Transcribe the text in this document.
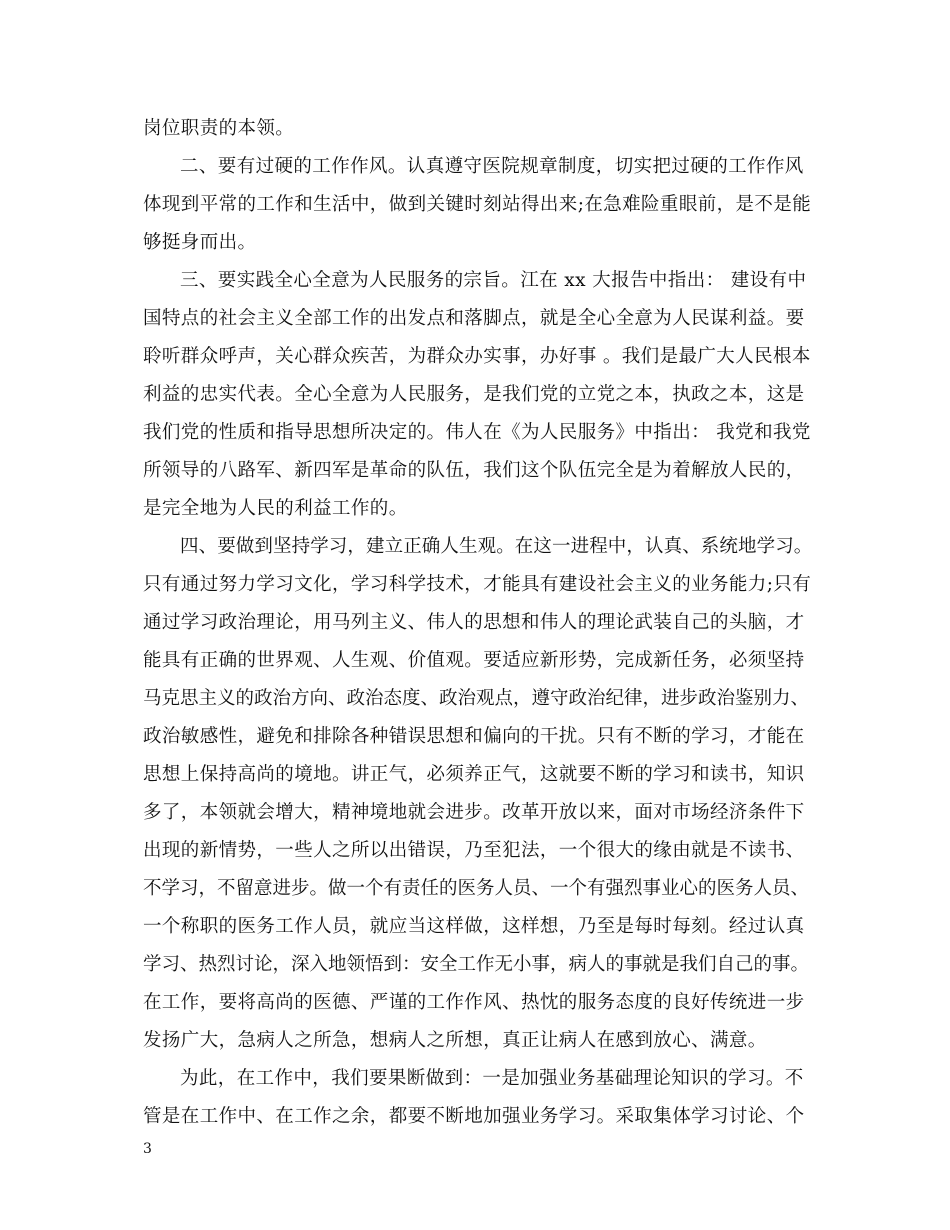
岗位职责的本领。
二、要有过硬的工作作风。认真遵守医院规章制度，切实把过硬的工作作风
体现到平常的工作和生活中，做到关键时刻站得出来;在急难险重眼前，是不是能
够挺身而出。
三、要实践全心全意为人民服务的宗旨。江在 xx 大报告中指出： 建设有中
国特点的社会主义全部工作的出发点和落脚点，就是全心全意为人民谋利益。要
聆听群众呼声，关心群众疾苦，为群众办实事，办好事 。我们是最广大人民根本
利益的忠实代表。全心全意为人民服务，是我们党的立党之本，执政之本，这是
我们党的性质和指导思想所决定的。伟人在《为人民服务》中指出： 我党和我党
所领导的八路军、新四军是革命的队伍，我们这个队伍完全是为着解放人民的，
是完全地为人民的利益工作的。
四、要做到坚持学习，建立正确人生观。在这一进程中，认真、系统地学习。
只有通过努力学习文化，学习科学技术，才能具有建设社会主义的业务能力;只有
通过学习政治理论，用马列主义、伟人的思想和伟人的理论武装自己的头脑，才
能具有正确的世界观、人生观、价值观。要适应新形势，完成新任务，必须坚持
马克思主义的政治方向、政治态度、政治观点，遵守政治纪律，进步政治鉴别力、
政治敏感性，避免和排除各种错误思想和偏向的干扰。只有不断的学习，才能在
思想上保持高尚的境地。讲正气，必须养正气，这就要不断的学习和读书，知识
多了，本领就会增大，精神境地就会进步。改革开放以来，面对市场经济条件下
出现的新情势，一些人之所以出错误，乃至犯法，一个很大的缘由就是不读书、
不学习，不留意进步。做一个有责任的医务人员、一个有强烈事业心的医务人员、
一个称职的医务工作人员，就应当这样做，这样想，乃至是每时每刻。经过认真
学习、热烈讨论，深入地领悟到：安全工作无小事，病人的事就是我们自己的事。
在工作，要将高尚的医德、严谨的工作作风、热忱的服务态度的良好传统进一步
发扬广大，急病人之所急，想病人之所想，真正让病人在感到放心、满意。
为此，在工作中，我们要果断做到：一是加强业务基础理论知识的学习。不
管是在工作中、在工作之余，都要不断地加强业务学习。采取集体学习讨论、个
3
